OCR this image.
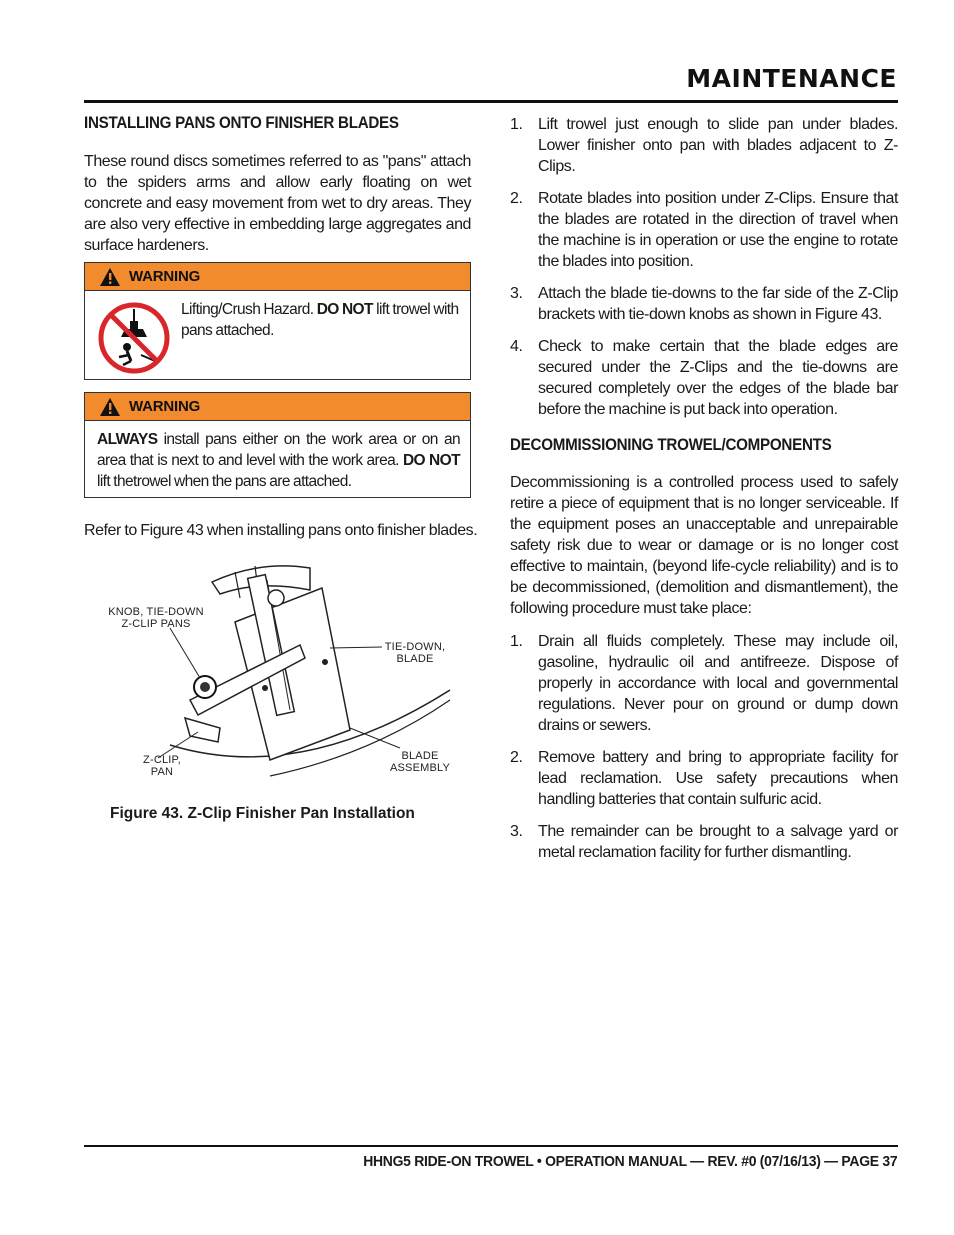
MAINTENANCE
INSTALLING PANS ONTO FINISHER BLADES

These round discs sometimes referred to as "pans" attach to the spiders arms and allow early floating on wet concrete and easy movement from wet to dry areas. They are also very effective in embedding large aggregates and surface hardeners.

WARNING
Lifting/Crush Hazard. DO NOT lift trowel with pans attached.
WARNING
ALWAYS install pans either on the work area or on an area that is next to and level with the work area. DO NOT lift thetrowel when the pans are attached.

Refer to Figure 43 when installing pans onto finisher blades.

KNOB, TIE-DOWN
Z-CLIP PANS
TIE-DOWN,
BLADE
Z-CLIP,
PAN
BLADE
ASSEMBLY
Figure 43. Z-Clip Finisher Pan Installation
1. Lift trowel just enough to slide pan under blades. Lower finisher onto pan with blades adjacent to Z-Clips.
2. Rotate blades into position under Z-Clips. Ensure that the blades are rotated in the direction of travel when the machine is in operation or use the engine to rotate the blades into position.
3. Attach the blade tie-downs to the far side of the Z-Clip brackets with tie-down knobs as shown in Figure 43.
4. Check to make certain that the blade edges are secured under the Z-Clips and the tie-downs are secured completely over the edges of the blade bar before the machine is put back into operation.
DECOMMISSIONING TROWEL/COMPONENTS

Decommissioning is a controlled process used to safely retire a piece of equipment that is no longer serviceable. If the equipment poses an unacceptable and unrepairable safety risk due to wear or damage or is no longer cost effective to maintain, (beyond life-cycle reliability) and is to be decommissioned, (demolition and dismantlement), the following procedure must take place:

1. Drain all fluids completely. These may include oil, gasoline, hydraulic oil and antifreeze. Dispose of properly in accordance with local and governmental regulations. Never pour on ground or dump down drains or sewers.
2. Remove battery and bring to appropriate facility for lead reclamation. Use safety precautions when handling batteries that contain sulfuric acid.
3. The remainder can be brought to a salvage yard or metal reclamation facility for further dismantling.
HHNG5 RIDE-ON TROWEL • OPERATION MANUAL — REV. #0 (07/16/13) — PAGE 37
